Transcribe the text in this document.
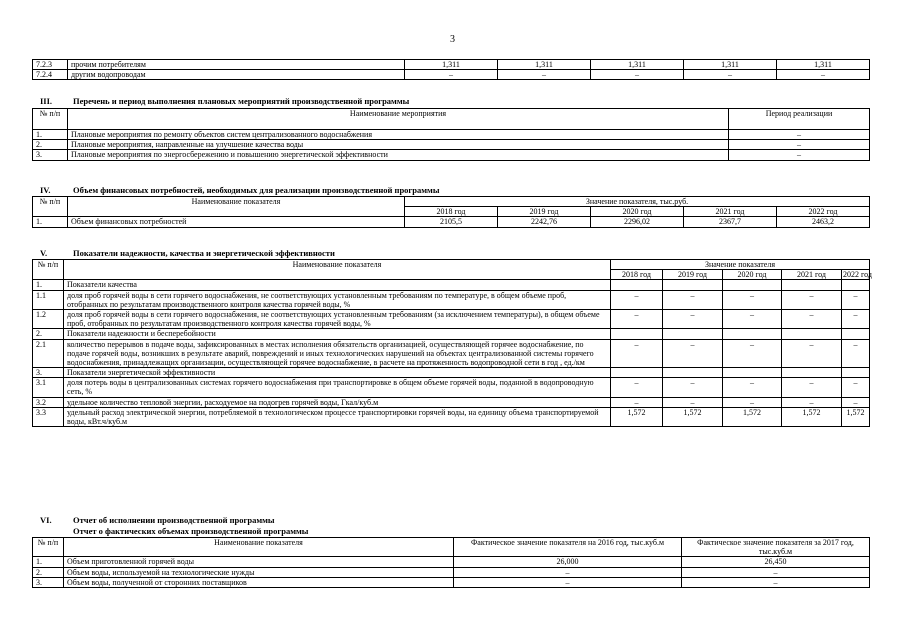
3
7.2.3	прочим потребителям	1,311	1,311	1,311	1,311	1,311
7.2.4	другим водопроводам	–	–	–	–	–
III. Перечень и период выполнения плановых мероприятий производственной программы
№ п/п	Наименование мероприятия	Период реализации
1.	Плановые мероприятия по ремонту объектов систем централизованного водоснабжения	–
2.	Плановые мероприятия, направленные на улучшение качества воды	–
3.	Плановые мероприятия по энергосбережению и повышению энергетической эффективности	–
IV.	Объем финансовых потребностей, необходимых для реализации производственной программы
№ п/п	Наименование показателя	Значение показателя, тыс.руб.				
		2018 год	2019 год	2020 год	2021 год	2022 год
1.	Объем финансовых потребностей	2105,5	2242,76	2296,02	2367,7	2463,2
V.	Показатели надежности, качества и энергетической эффективности
№ п/п	Наименование показателя	Значение показателя				
		2018 год	2019 год	2020 год	2021 год	2022 год
1.	Показатели качества					
1.1	доля проб горячей воды в сети горячего водоснабжения, не соответствующих установленным требованиям по температуре, в общем объеме проб, отобранных по результатам производственного контроля качества горячей воды, %	–	–	–	–	–
1.2	доля проб горячей воды в сети горячего водоснабжения, не соответствующих установленным требованиям (за исключением температуры), в общем объеме проб, отобранных по результатам производственного контроля качества горячей воды, %	–	–	–	–	–
2.	Показатели надежности и бесперебойности					
2.1	количество перерывов в подаче воды, зафиксированных в местах исполнения обязательств организацией, осуществляющей горячее водоснабжение, по подаче горячей воды, возникших в результате аварий, повреждений и иных технологических нарушений на объектах централизованной системы горячего водоснабжения, принадлежащих организации, осуществляющей горячее водоснабжение, в расчете на протяженность водопроводной сети в год , ед./км	–	–	–	–	–
3.	Показатели энергетической эффективности					
3.1	доля потерь воды в централизованных системах горячего водоснабжения при транспортировке в общем объеме горячей воды, поданной в водопроводную сеть, %	–	–	–	–	–
3.2	удельное количество тепловой энергии, расходуемое на подогрев горячей воды, Гкал/куб.м	–	–	–	–	–
3.3	удельный расход электрической энергии, потребляемой в технологическом процессе транспортировки горячей воды, на единицу объема транспортируемой воды, кВт.ч/куб.м	1,572	1,572	1,572	1,572	1,572
VI.	Отчет об исполнении производственной программы
Отчет о фактических объемах производственной программы
№ п/п	Наименование показателя	Фактическое значение показателя на 2016 год, тыс.куб.м	Фактическое значение показателя за 2017 год, тыс.куб.м
1.	Объем приготовленной горячей воды	26,000	26,450
2.	Объем воды, используемой на технологические нужды	–	–
3.	Объем воды, полученной от сторонних поставщиков	–	–
